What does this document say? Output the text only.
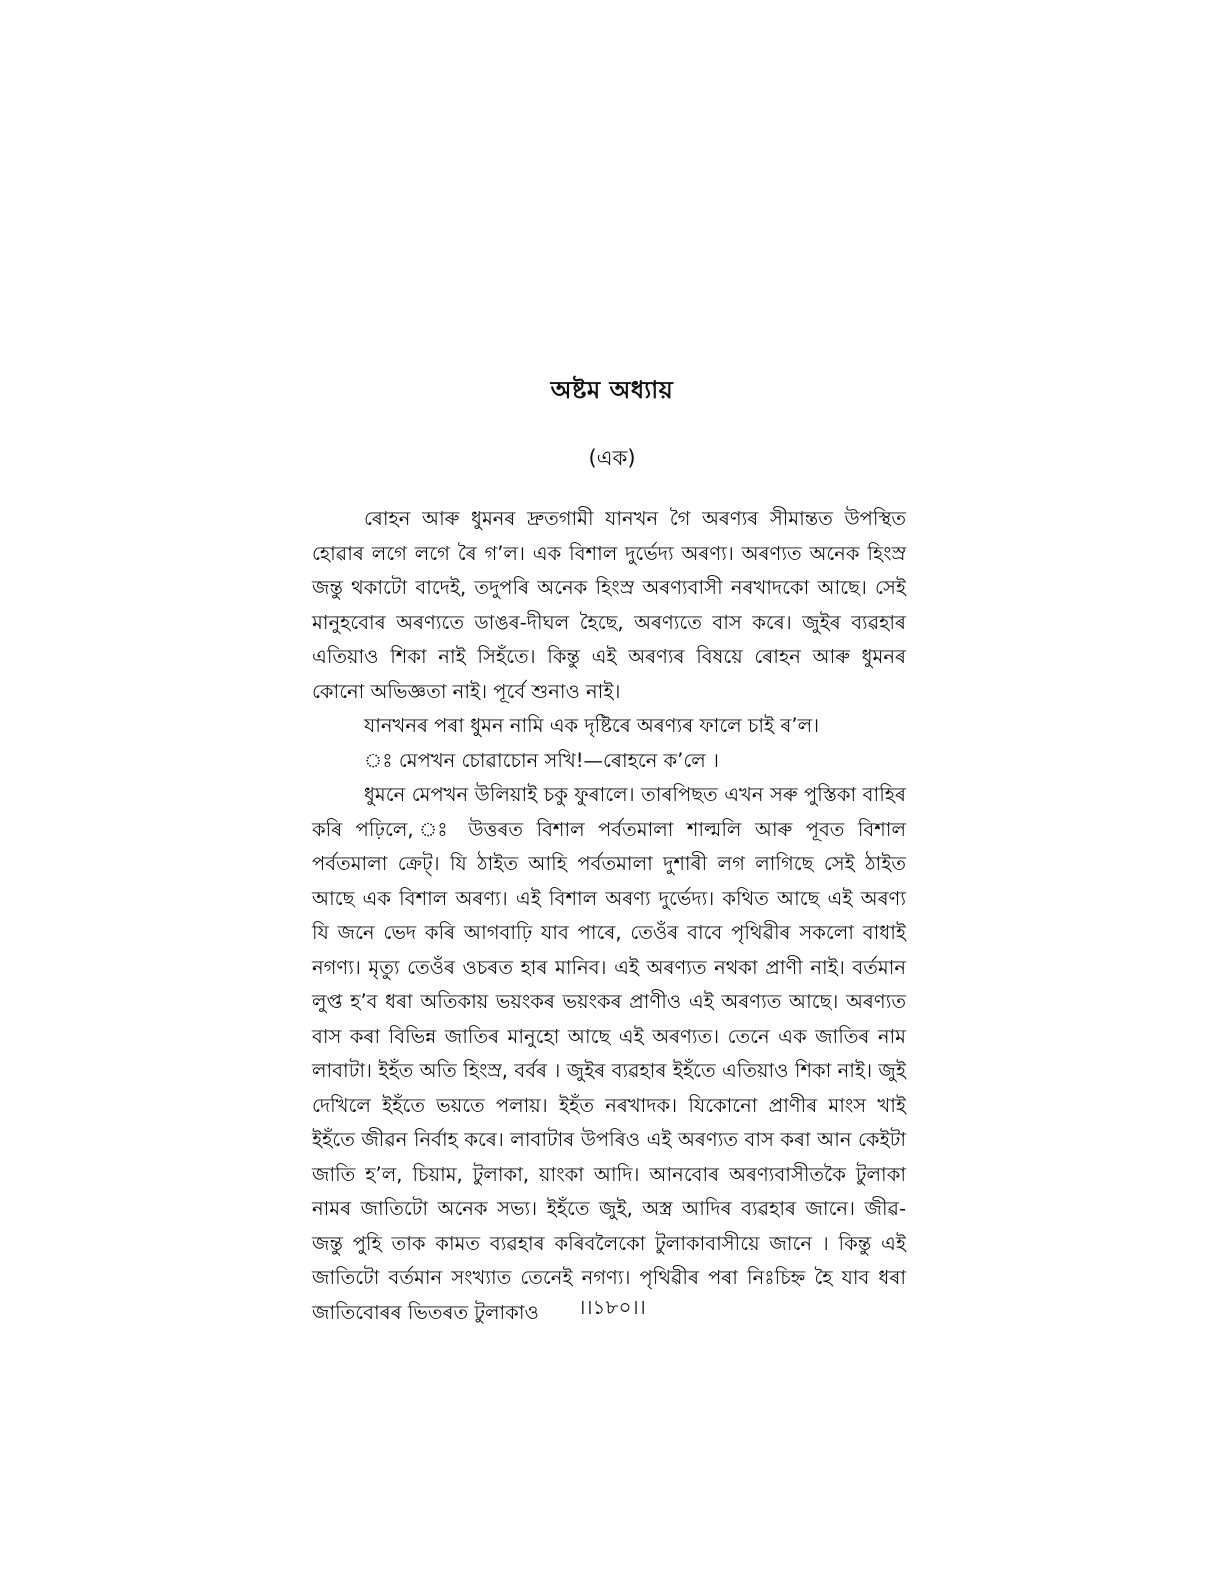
অষ্টম অধ্যায়
(এক)

ৰোহন আৰু ধুমনৰ দ্ৰুতগামী যানখন গৈ অৰণ্যৰ সীমান্তত উপস্থিত হোৱাৰ লগে লগে ৰৈ গ’ল। এক বিশাল দুৰ্ভেদ্য অৰণ্য। অৰণ্যত অনেক হিংস্ৰ জন্তু থকাটো বাদেই, তদুপৰি অনেক হিংস্ৰ অৰণ্যবাসী নৰখাদকো আছে। সেই মানুহবোৰ অৰণ্যতে ডাঙৰ-দীঘল হৈছে, অৰণ্যতে বাস কৰে। জুইৰ ব্যৱহাৰ এতিয়াও শিকা নাই সিহঁতে। কিন্তু এই অৰণ্যৰ বিষয়ে ৰোহন আৰু ধুমনৰ কোনো অভিজ্ঞতা নাই। পূৰ্বে শুনাও নাই।

যানখনৰ পৰা ধুমন নামি এক দৃষ্টিৰে অৰণ্যৰ ফালে চাই ৰ’ল।

ঃ মেপখন চোৱাচোন সখি!—ৰোহনে ক’লে ।

ধুমনে মেপখন উলিয়াই চকু ফুৰালে। তাৰপিছত এখন সৰু পুস্তিকা বাহিৰ কৰি পঢ়িলে, ঃ উত্তৰত বিশাল পৰ্বতমালা শাল্মলি আৰু পূবত বিশাল পৰ্বতমালা ক্ৰেট্। যি ঠাইত আহি পৰ্বতমালা দুশাৰী লগ লাগিছে সেই ঠাইত আছে এক বিশাল অৰণ্য। এই বিশাল অৰণ্য দুৰ্ভেদ্য। কথিত আছে এই অৰণ্য যি জনে ভেদ কৰি আগবাঢ়ি যাব পাৰে, তেওঁৰ বাবে পৃথিৱীৰ সকলো বাধাই নগণ্য। মৃত্যু তেওঁৰ ওচৰত হাৰ মানিব। এই অৰণ্যত নথকা প্ৰাণী নাই। বৰ্তমান লুপ্ত হ’ব ধৰা অতিকায় ভয়ংকৰ ভয়ংকৰ প্ৰাণীও এই অৰণ্যত আছে। অৰণ্যত বাস কৰা বিভিন্ন জাতিৰ মানুহো আছে এই অৰণ্যত। তেনে এক জাতিৰ নাম লাবাটা। ইহঁত অতি হিংস্ৰ, বৰ্বৰ । জুইৰ ব্যৱহাৰ ইহঁতে এতিয়াও শিকা নাই। জুই দেখিলে ইহঁতে ভয়তে পলায়। ইহঁত নৰখাদক। যিকোনো প্ৰাণীৰ মাংস খাই ইহঁতে জীৱন নিৰ্বাহ কৰে। লাবাটাৰ উপৰিও এই অৰণ্যত বাস কৰা আন কেইটা জাতি হ’ল, চিয়াম, টুলাকা, য়াংকা আদি। আনবোৰ অৰণ্যবাসীতকৈ টুলাকা নামৰ জাতিটো অনেক সভ্য। ইহঁতে জুই, অস্ত্ৰ আদিৰ ব্যৱহাৰ জানে। জীৱ- জন্তু পুহি তাক কামত ব্যৱহাৰ কৰিবলৈকো টুলাকাবাসীয়ে জানে । কিন্তু এই জাতিটো বৰ্তমান সংখ্যাত তেনেই নগণ্য। পৃথিৱীৰ পৰা নিঃচিহ্ন হৈ যাব ধৰা জাতিবোৰৰ ভিতৰত টুলাকাও	।।১৮০।।
